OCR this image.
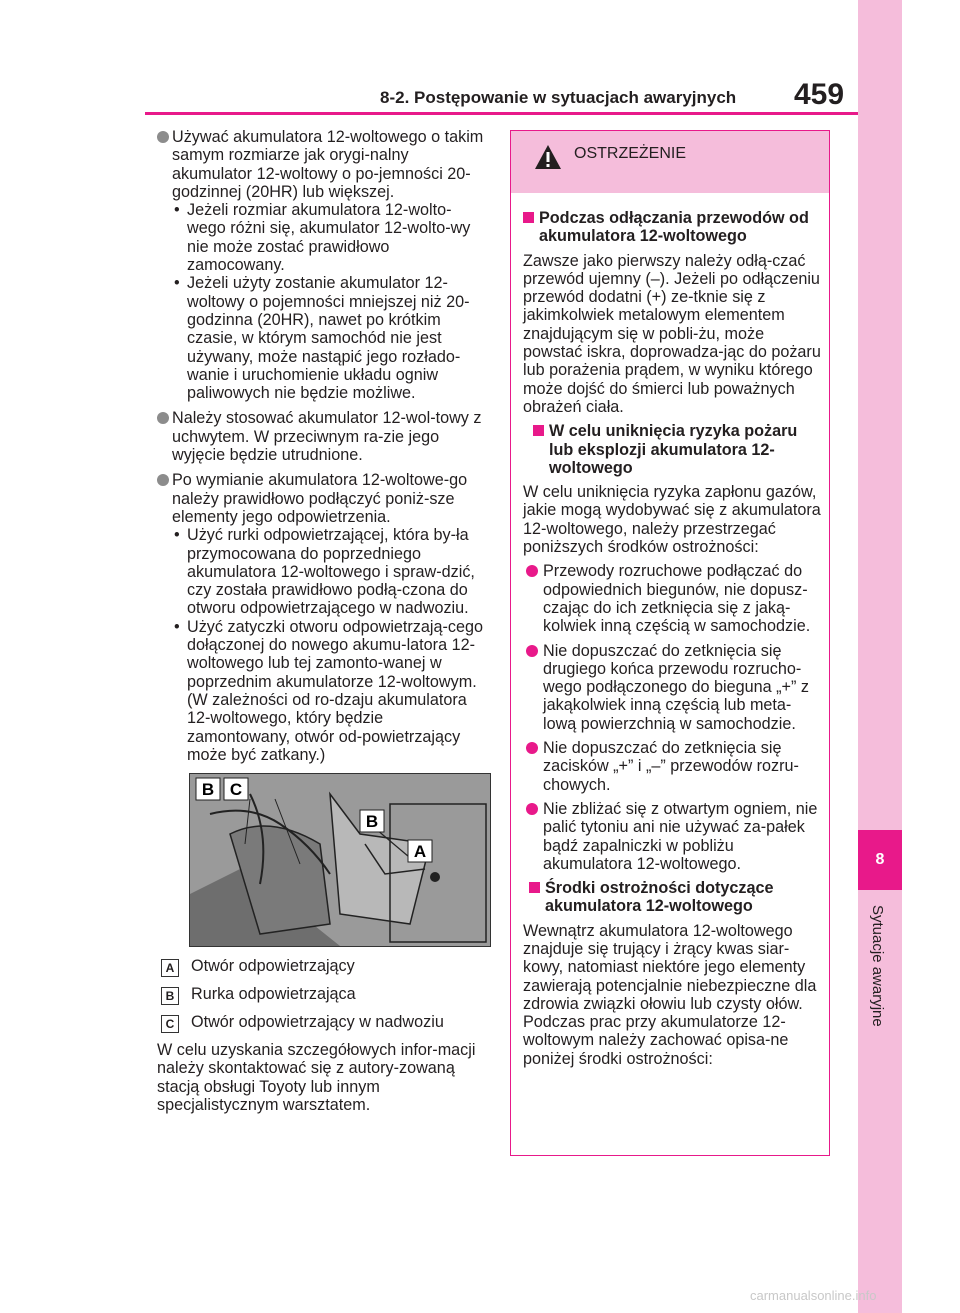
8
Sytuacje awaryjne
8-2. Postępowanie w sytuacjach awaryjnych 459
Używać akumulatora 12-woltowego o takim samym rozmiarze jak orygi-nalny akumulator 12-woltowy o po-jemności 20-godzinnej (20HR) lub większej.
• Jeżeli rozmiar akumulatora 12-wolto-wego różni się, akumulator 12-wolto-wy nie może zostać prawidłowo zamocowany.
• Jeżeli użyty zostanie akumulator 12-woltowy o pojemności mniejszej niż 20-godzinna (20HR), nawet po krótkim czasie, w którym samochód nie jest używany, może nastąpić jego rozłado-wanie i uruchomienie układu ogniw paliwowych nie będzie możliwe.
Należy stosować akumulator 12-wol-towy z uchwytem. W przeciwnym ra-zie jego wyjęcie będzie utrudnione.
Po wymianie akumulatora 12-woltowe-go należy prawidłowo podłączyć poniż-sze elementy jego odpowietrzenia.
• Użyć rurki odpowietrzającej, która by-ła przymocowana do poprzedniego akumulatora 12-woltowego i spraw-dzić, czy została prawidłowo podłą-czona do otworu odpowietrzającego w nadwoziu.
• Użyć zatyczki otworu odpowietrzają-cego dołączonej do nowego akumu-latora 12-woltowego lub tej zamonto-wanej w poprzednim akumulatorze 12-woltowym. (W zależności od ro-dzaju akumulatora 12-woltowego, który będzie zamontowany, otwór od-powietrzający może być zatkany.)
B C
B
A
A Otwór odpowietrzający
B Rurka odpowietrzająca
C Otwór odpowietrzający w nadwoziu
W celu uzyskania szczegółowych infor-macji należy skontaktować się z autory-zowaną stacją obsługi Toyoty lub innym specjalistycznym warsztatem.
OSTRZEŻENIE
Podczas odłączania przewodów od akumulatora 12-woltowego
Zawsze jako pierwszy należy odłą-czać przewód ujemny (–). Jeżeli po odłączeniu przewód dodatni (+) ze-tknie się z jakimkolwiek metalowym elementem znajdującym się w pobli-żu, może powstać iskra, doprowadza-jąc do pożaru lub porażenia prądem, w wyniku którego może dojść do śmierci lub poważnych obrażeń ciała.
W celu uniknięcia ryzyka pożaru lub eksplozji akumulatora 12-woltowego
W celu uniknięcia ryzyka zapłonu gazów, jakie mogą wydobywać się z akumulatora 12-woltowego, należy przestrzegać poniższych środków ostrożności:
Przewody rozruchowe podłączać do odpowiednich biegunów, nie dopusz-czając do ich zetknięcia się z jaką-kolwiek inną częścią w samochodzie.
Nie dopuszczać do zetknięcia się drugiego końca przewodu rozrucho-wego podłączonego do bieguna „+” z jakąkolwiek inną częścią lub meta-lową powierzchnią w samochodzie.
Nie dopuszczać do zetknięcia się zacisków „+” i „–” przewodów rozru-chowych.
Nie zbliżać się z otwartym ogniem, nie palić tytoniu ani nie używać za-pałek bądź zapalniczki w pobliżu akumulatora 12-woltowego.
Środki ostrożności dotyczące akumulatora 12-woltowego
Wewnątrz akumulatora 12-woltowego znajduje się trujący i żrący kwas siar-kowy, natomiast niektóre jego elementy zawierają potencjalnie niebezpieczne dla zdrowia związki ołowiu lub czysty ołów. Podczas prac przy akumulatorze 12-woltowym należy zachować opisa-ne poniżej środki ostrożności:
carmanualsonline.info
